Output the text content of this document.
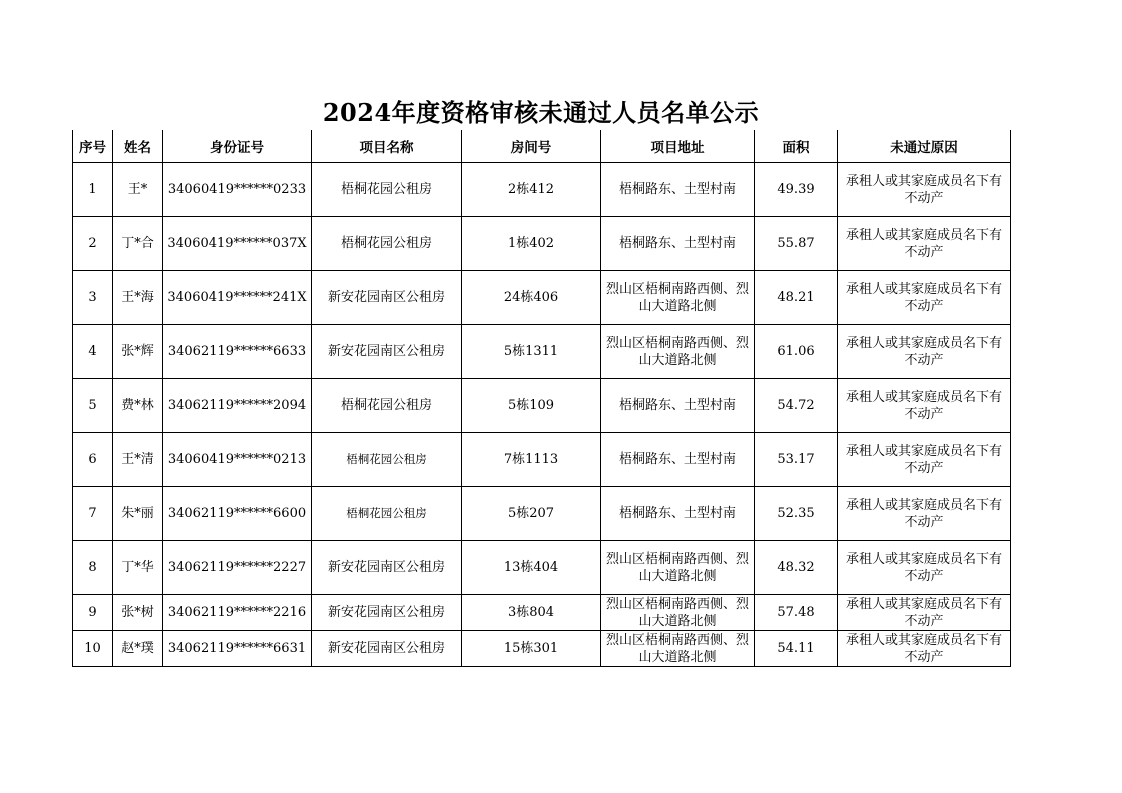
2024年度资格审核未通过人员名单公示
序号	姓名	身份证号	项目名称	房间号	项目地址	面积	未通过原因
1	王*	34060419******0233	梧桐花园公租房	2栋412	梧桐路东、土型村南	49.39	承租人或其家庭成员名下有不动产
2	丁*合	34060419******037X	梧桐花园公租房	1栋402	梧桐路东、土型村南	55.87	承租人或其家庭成员名下有不动产
3	王*海	34060419******241X	新安花园南区公租房	24栋406	烈山区梧桐南路西侧、烈山大道路北侧	48.21	承租人或其家庭成员名下有不动产
4	张*辉	34062119******6633	新安花园南区公租房	5栋1311	烈山区梧桐南路西侧、烈山大道路北侧	61.06	承租人或其家庭成员名下有不动产
5	费*林	34062119******2094	梧桐花园公租房	5栋109	梧桐路东、土型村南	54.72	承租人或其家庭成员名下有不动产
6	王*清	34060419******0213	梧桐花园公租房	7栋1113	梧桐路东、土型村南	53.17	承租人或其家庭成员名下有不动产
7	朱*丽	34062119******6600	梧桐花园公租房	5栋207	梧桐路东、土型村南	52.35	承租人或其家庭成员名下有不动产
8	丁*华	34062119******2227	新安花园南区公租房	13栋404	烈山区梧桐南路西侧、烈山大道路北侧	48.32	承租人或其家庭成员名下有不动产
9	张*树	34062119******2216	新安花园南区公租房	3栋804	烈山区梧桐南路西侧、烈山大道路北侧	57.48	承租人或其家庭成员名下有不动产
10	赵*璞	34062119******6631	新安花园南区公租房	15栋301	烈山区梧桐南路西侧、烈山大道路北侧	54.11	承租人或其家庭成员名下有不动产
